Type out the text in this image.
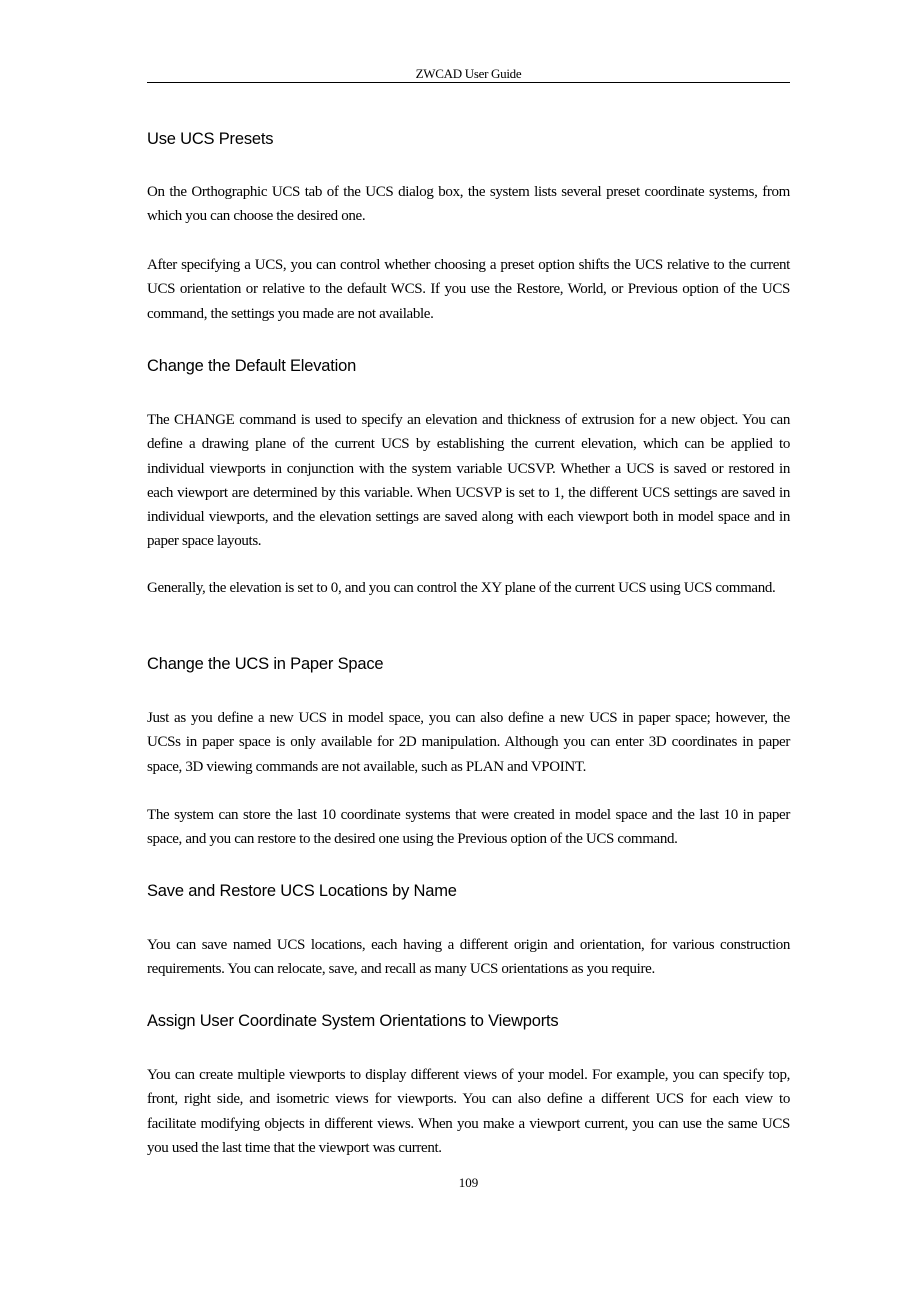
ZWCAD User Guide
Use UCS Presets

On the Orthographic UCS tab of the UCS dialog box, the system lists several preset coordinate systems, from which you can choose the desired one.

After specifying a UCS, you can control whether choosing a preset option shifts the UCS relative to the current UCS orientation or relative to the default WCS. If you use the Restore, World, or Previous option of the UCS command, the settings you made are not available.

Change the Default Elevation

The CHANGE command is used to specify an elevation and thickness of extrusion for a new object. You can define a drawing plane of the current UCS by establishing the current elevation, which can be applied to individual viewports in conjunction with the system variable UCSVP. Whether a UCS is saved or restored in each viewport are determined by this variable. When UCSVP is set to 1, the different UCS settings are saved in individual viewports, and the elevation settings are saved along with each viewport both in model space and in paper space layouts.

Generally, the elevation is set to 0, and you can control the XY plane of the current UCS using UCS command.

Change the UCS in Paper Space

Just as you define a new UCS in model space, you can also define a new UCS in paper space; however, the UCSs in paper space is only available for 2D manipulation. Although you can enter 3D coordinates in paper space, 3D viewing commands are not available, such as PLAN and VPOINT.

The system can store the last 10 coordinate systems that were created in model space and the last 10 in paper space, and you can restore to the desired one using the Previous option of the UCS command.

Save and Restore UCS Locations by Name

You can save named UCS locations, each having a different origin and orientation, for various construction requirements. You can relocate, save, and recall as many UCS orientations as you require.

Assign User Coordinate System Orientations to Viewports

You can create multiple viewports to display different views of your model. For example, you can specify top, front, right side, and isometric views for viewports. You can also define a different UCS for each view to facilitate modifying objects in different views. When you make a viewport current, you can use the same UCS you used the last time that the viewport was current.

109
